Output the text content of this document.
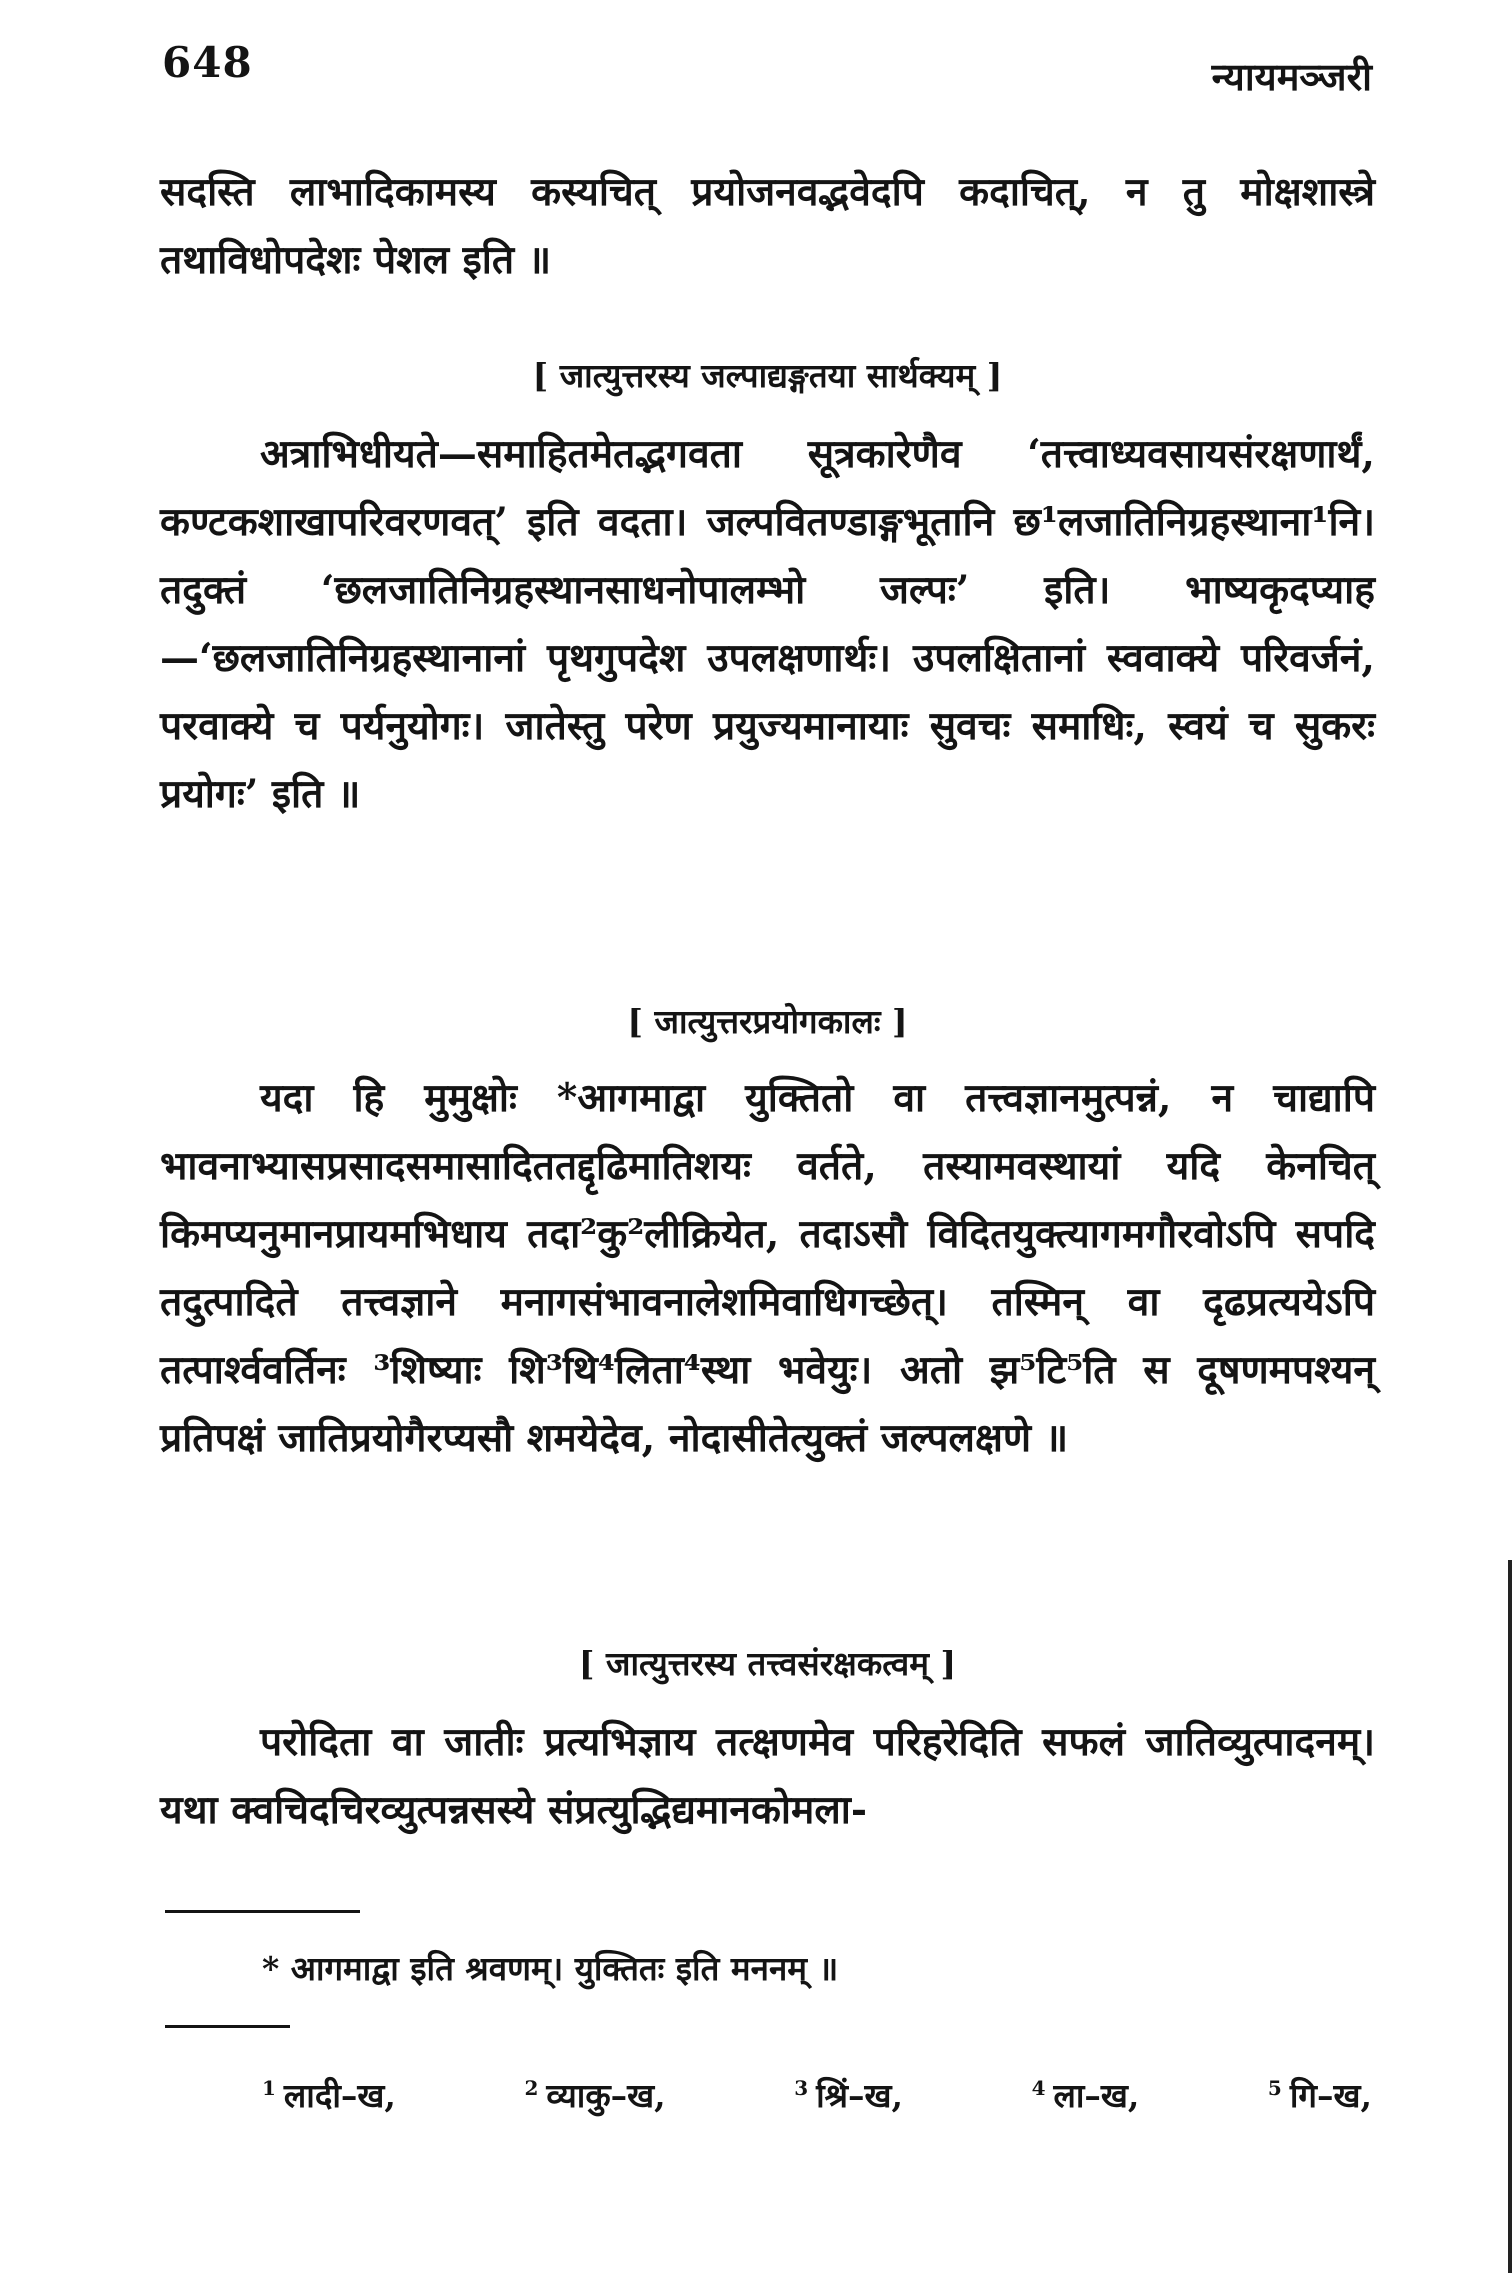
648	न्यायमञ्जरी

सदस्ति लाभादिकामस्य कस्यचित् प्रयोजनवद्भवेदपि कदाचित्, न तु मोक्षशास्त्रे तथाविधोपदेशः पेशल इति ॥

[ जात्युत्तरस्य जल्पाद्यङ्गतया सार्थक्यम् ]

अत्राभिधीयते—समाहितमेतद्भगवता सूत्रकारेणैव ‘तत्त्वाध्यवसायसंरक्षणार्थं, कण्टकशाखापरिवरणवत्’ इति वदता। जल्पवितण्डाङ्गभूतानि छ¹लजातिनिग्रहस्थाना¹नि। तदुक्तं ‘छलजातिनिग्रहस्थानसाधनोपालम्भो जल्पः’ इति। भाष्यकृदप्याह—‘छलजातिनिग्रहस्थानानां पृथगुपदेश उपलक्षणार्थः। उपलक्षितानां स्ववाक्ये परिवर्जनं, परवाक्ये च पर्यनुयोगः। जातेस्तु परेण प्रयुज्यमानायाः सुवचः समाधिः, स्वयं च सुकरः प्रयोगः’ इति ॥

[ जात्युत्तरप्रयोगकालः ]

यदा हि मुमुक्षोः *आगमाद्वा युक्तितो वा तत्त्वज्ञानमुत्पन्नं, न चाद्यापि भावनाभ्यासप्रसादसमासादिततद्दृढिमातिशयः वर्तते, तस्यामवस्थायां यदि केनचित् किमप्यनुमानप्रायमभिधाय तदा²कु²लीक्रियेत, तदाऽसौ विदितयुक्त्यागमगौरवोऽपि सपदि तदुत्पादिते तत्त्वज्ञाने मनागसंभावनालेशमिवाधिगच्छेत्। तस्मिन् वा दृढप्रत्ययेऽपि तत्पार्श्ववर्तिनः ³शिष्याः शि³थि⁴लिता⁴स्था भवेयुः। अतो झ⁵टि⁵ति स दूषणमपश्यन् प्रतिपक्षं जातिप्रयोगैरप्यसौ शमयेदेव, नोदासीतेत्युक्तं जल्पलक्षणे ॥

[ जात्युत्तरस्य तत्त्वसंरक्षकत्वम् ]

परोदिता वा जातीः प्रत्यभिज्ञाय तत्क्षणमेव परिहरेदिति सफलं जातिव्युत्पादनम्। यथा क्वचिदचिरव्युत्पन्नसस्ये संप्रत्युद्भिद्यमानकोमला-

* आगमाद्वा इति श्रवणम्। युक्तितः इति मननम् ॥
$^1$ लादी–ख,	$^2$ व्याकु–ख,	$^3$ श्रिं–ख,	$^4$ ला–ख,	$^5$ गि–ख,
